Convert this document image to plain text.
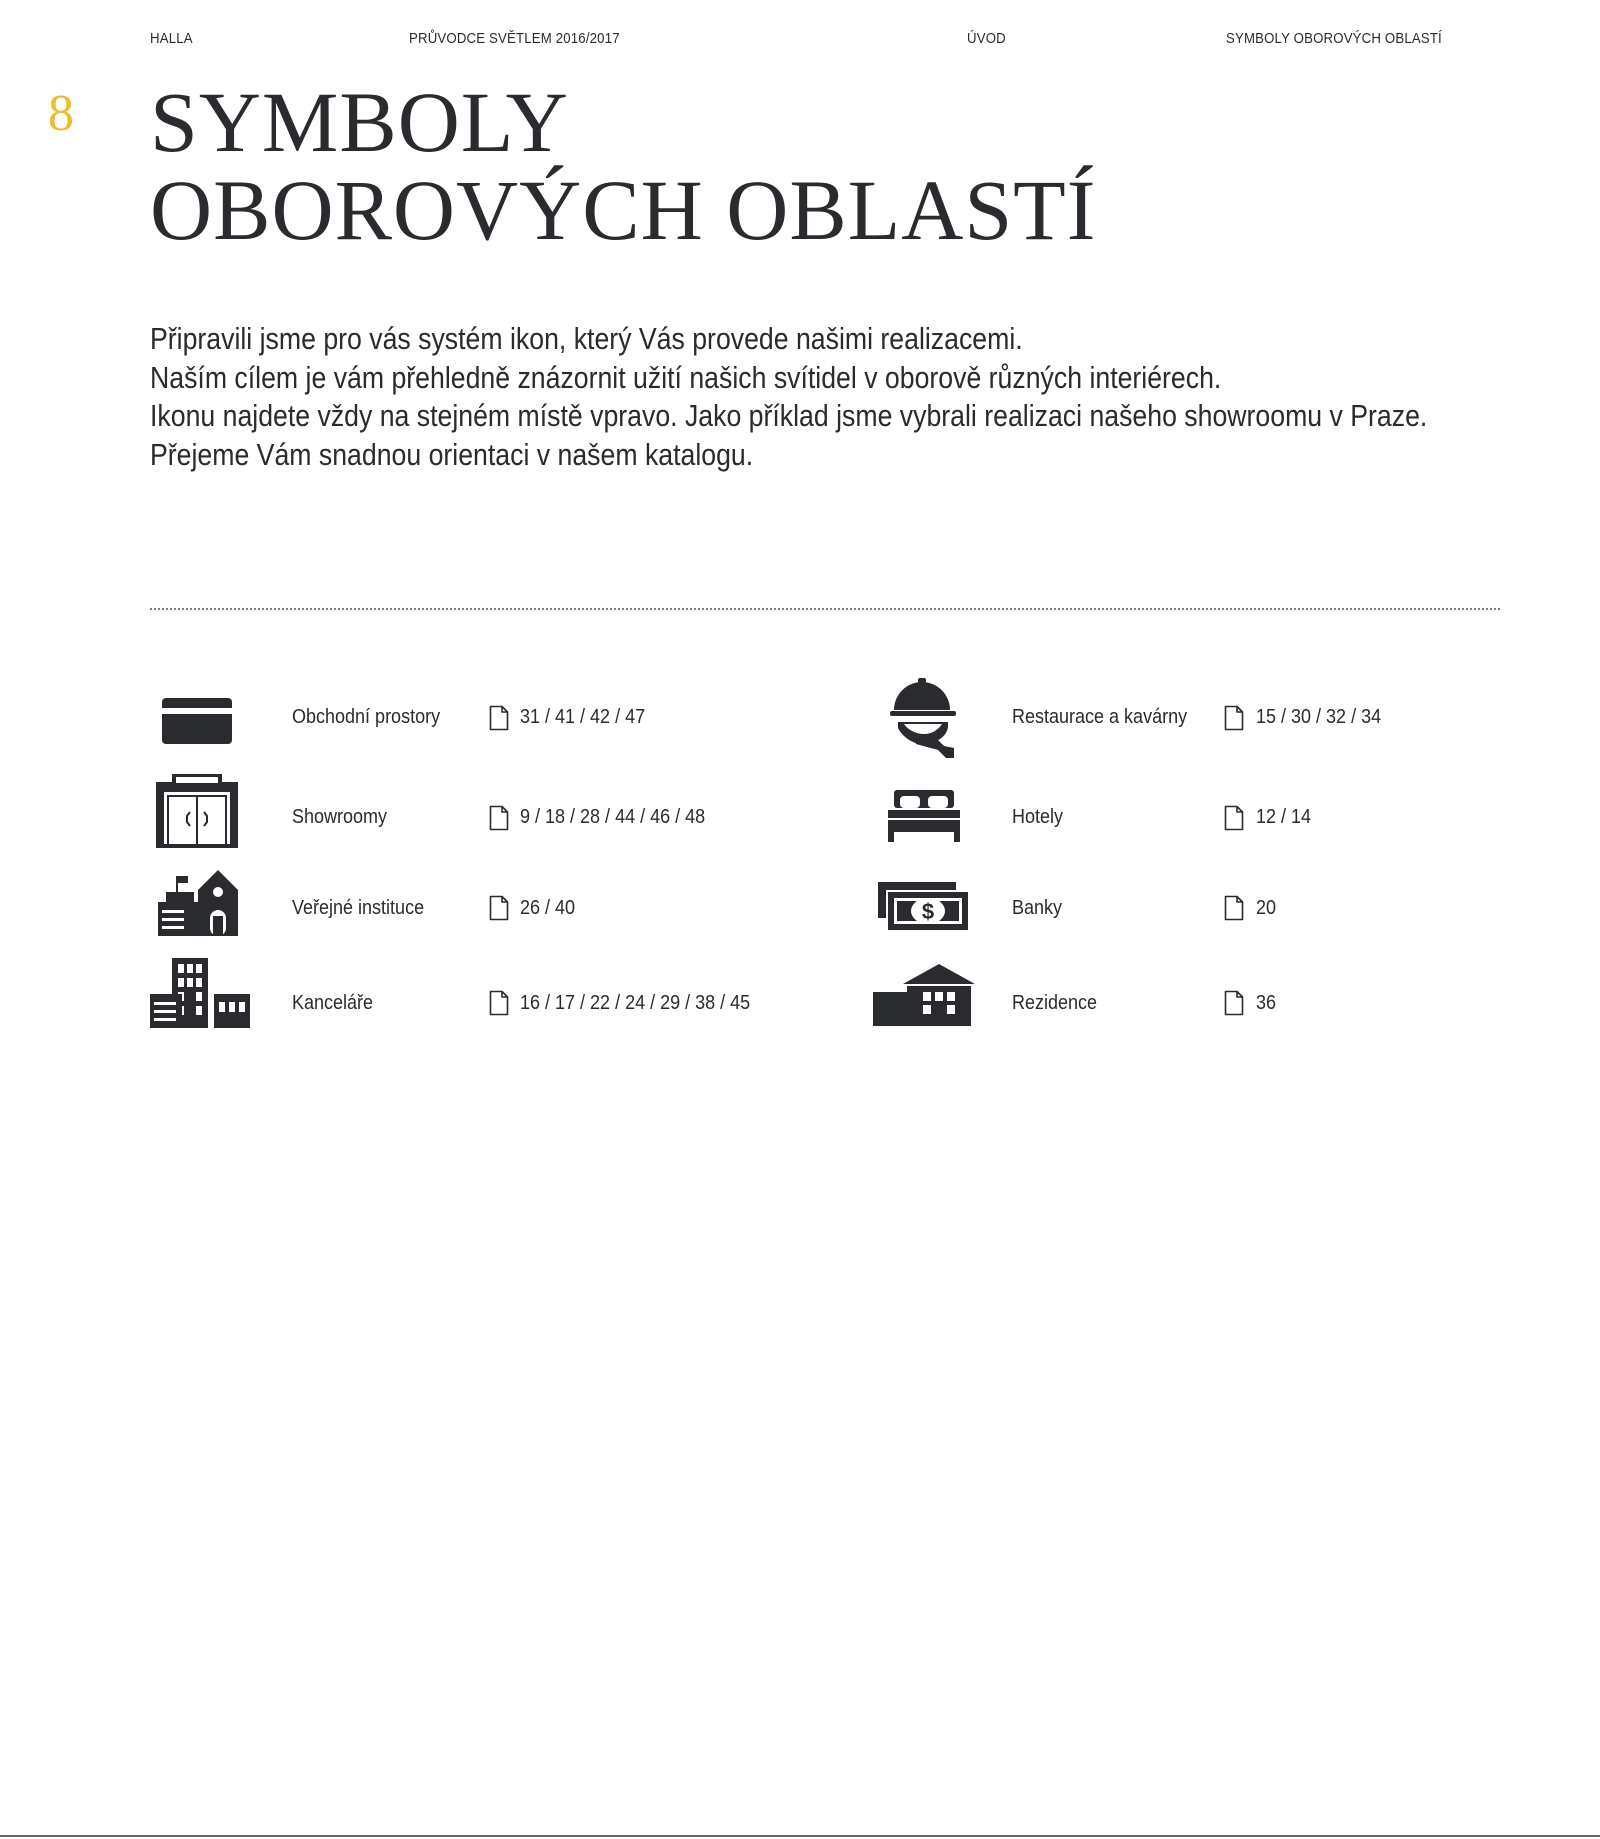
HALLA	PRŮVODCE SVĚTLEM 2016/2017	ÚVOD	SYMBOLY OBOROVÝCH OBLASTÍ
8 SYMBOLY
OBOROVÝCH OBLASTÍ
Připravili jsme pro vás systém ikon, který Vás provede našimi realizacemi.
Naším cílem je vám přehledně znázornit užití našich svítidel v oborově různých interiérech.
Ikonu najdete vždy na stejném místě vpravo. Jako příklad jsme vybrali realizaci našeho showroomu v Praze.
Přejeme Vám snadnou orientaci v našem katalogu.
Obchodní prostory	31 / 41 / 42 / 47
Showroomy	9 / 18 / 28 / 44 / 46 / 48
Veřejné instituce	26 / 40
Kanceláře	16 / 17 / 22 / 24 / 29 / 38 / 45
Restaurace a kavárny	15 / 30 / 32 / 34
Hotely	12 / 14
$	Banky	20
Rezidence	36
